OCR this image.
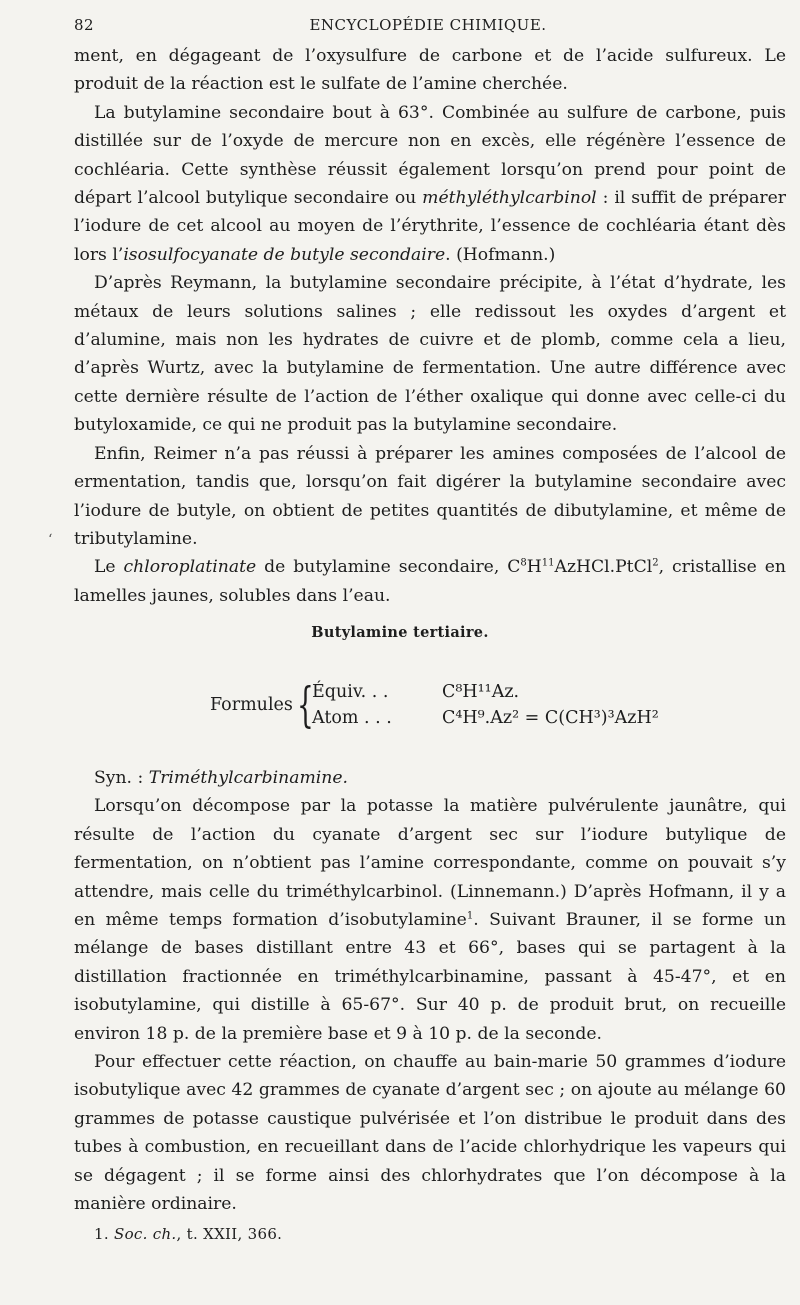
82	ENCYCLOPÉDIE CHIMIQUE.

ment, en dégageant de l’oxysulfure de carbone et de l’acide sulfureux. Le produit de la réaction est le sulfate de l’amine cherchée.

La butylamine secondaire bout à 63°. Combinée au sulfure de carbone, puis distillée sur de l’oxyde de mercure non en excès, elle régénère l’essence de cochléaria. Cette synthèse réussit également lorsqu’on prend pour point de départ l’alcool butylique secondaire ou méthyléthylcarbinol : il suffit de préparer l’iodure de cet alcool au moyen de l’érythrite, l’essence de cochléaria étant dès lors l’isosulfocyanate de butyle secondaire. (Hofmann.)

D’après Reymann, la butylamine secondaire précipite, à l’état d’hydrate, les métaux de leurs solutions salines ; elle redissout les oxydes d’argent et d’alumine, mais non les hydrates de cuivre et de plomb, comme cela a lieu, d’après Wurtz, avec la butylamine de fermentation. Une autre différence avec cette dernière résulte de l’action de l’éther oxalique qui donne avec celle-ci du butyloxamide, ce qui ne produit pas la butylamine secondaire.

Enfin, Reimer n’a pas réussi à préparer les amines composées de l’alcool de ermentation, tandis que, lorsqu’on fait digérer la butylamine secondaire avec l’iodure de butyle, on obtient de petites quantités de dibutylamine, et même de tributylamine.

Le chloroplatinate de butylamine secondaire, $C^8H^{11}AzHCl.PtCl^2$, cristallise en lamelles jaunes, solubles dans l’eau.

‘
Butylamine tertiaire.
Formules {
Équiv. . .	C⁸H¹¹Az.
Atom . . .	C⁴H⁹.Az² = C(CH³)³AzH²

Syn. : Triméthylcarbinamine.

Lorsqu’on décompose par la potasse la matière pulvérulente jaunâtre, qui résulte de l’action du cyanate d’argent sec sur l’iodure butylique de fermentation, on n’obtient pas l’amine correspondante, comme on pouvait s’y attendre, mais celle du triméthylcarbinol. (Linnemann.) D’après Hofmann, il y a en même temps formation d’isobutylamine$^1$. Suivant Brauner, il se forme un mélange de bases distillant entre 43 et 66°, bases qui se partagent à la distillation fractionnée en triméthylcarbinamine, passant à 45-47°, et en isobutylamine, qui distille à 65-67°. Sur 40 p. de produit brut, on recueille environ 18 p. de la première base et 9 à 10 p. de la seconde.

Pour effectuer cette réaction, on chauffe au bain-marie 50 grammes d’iodure isobutylique avec 42 grammes de cyanate d’argent sec ; on ajoute au mélange 60 grammes de potasse caustique pulvérisée et l’on distribue le produit dans des tubes à combustion, en recueillant dans de l’acide chlorhydrique les vapeurs qui se dégagent ; il se forme ainsi des chlorhydrates que l’on décompose à la manière ordinaire.

1. Soc. ch., t. XXII, 366.
